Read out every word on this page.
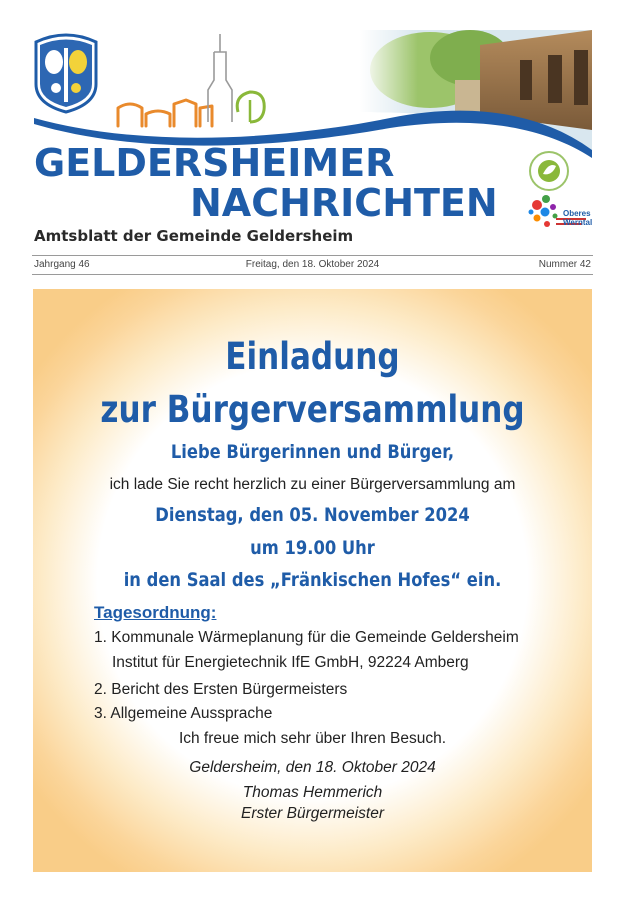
Oberes
Werntal
GELDERSHEIMER
NACHRICHTEN
Amtsblatt der Gemeinde Geldersheim
Jahrgang 46	Freitag, den 18. Oktober 2024	Nummer 42
Einladung
zur Bürgerversammlung
Liebe Bürgerinnen und Bürger,
ich lade Sie recht herzlich zu einer Bürgerversammlung am
Dienstag, den 05. November 2024
um 19.00 Uhr
in den Saal des „Fränkischen Hofes“ ein.
Tagesordnung:
1. Kommunale Wärmeplanung für die Gemeinde Geldersheim
Institut für Energietechnik IfE GmbH, 92224 Amberg
2. Bericht des Ersten Bürgermeisters
3. Allgemeine Aussprache
Ich freue mich sehr über Ihren Besuch.
Geldersheim, den 18. Oktober 2024
Thomas Hemmerich
Erster Bürgermeister
